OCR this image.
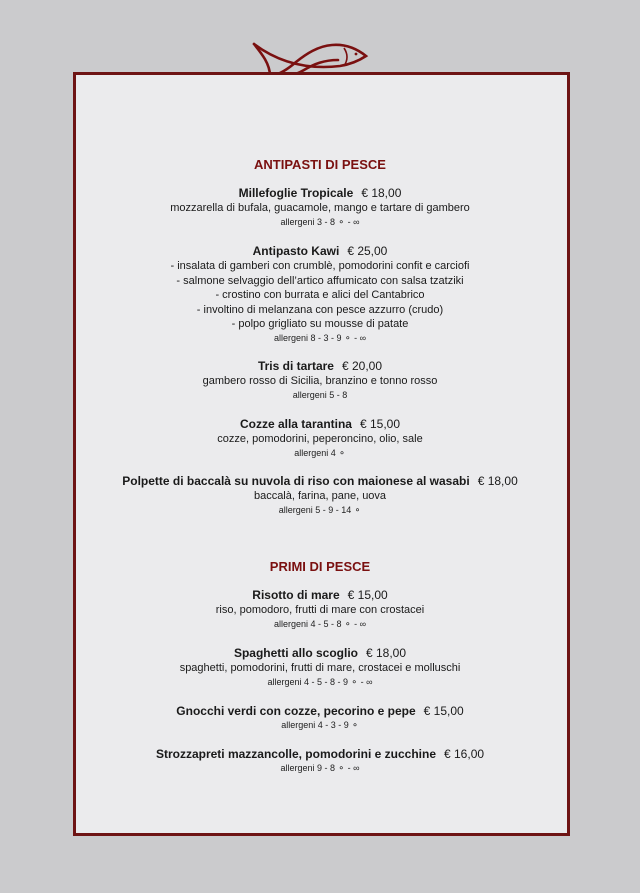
ANTIPASTI DI PESCE
Millefoglie Tropicale € 18,00
mozzarella di bufala, guacamole, mango e tartare di gambero
allergeni 3 - 8 ⚬ - ∞
Antipasto Kawi € 25,00
- insalata di gamberi con crumblè, pomodorini confit e carciofi
- salmone selvaggio dell’artico affumicato con salsa tzatziki
- crostino con burrata e alici del Cantabrico
- involtino di melanzana con pesce azzurro (crudo)
- polpo grigliato su mousse di patate
allergeni 8 - 3 - 9 ⚬ - ∞
Tris di tartare € 20,00
gambero rosso di Sicilia, branzino e tonno rosso
allergeni 5 - 8
Cozze alla tarantina € 15,00
cozze, pomodorini, peperoncino, olio, sale
allergeni 4 ⚬
Polpette di baccalà su nuvola di riso con maionese al wasabi € 18,00
baccalà, farina, pane, uova
allergeni 5 - 9 - 14 ⚬
PRIMI DI PESCE
Risotto di mare € 15,00
riso, pomodoro, frutti di mare con crostacei
allergeni 4 - 5 - 8 ⚬ - ∞
Spaghetti allo scoglio € 18,00
spaghetti, pomodorini, frutti di mare, crostacei e molluschi
allergeni 4 - 5 - 8 - 9 ⚬ - ∞
Gnocchi verdi con cozze, pecorino e pepe € 15,00
allergeni 4 - 3 - 9 ⚬
Strozzapreti mazzancolle, pomodorini e zucchine € 16,00
allergeni 9 - 8 ⚬ - ∞
